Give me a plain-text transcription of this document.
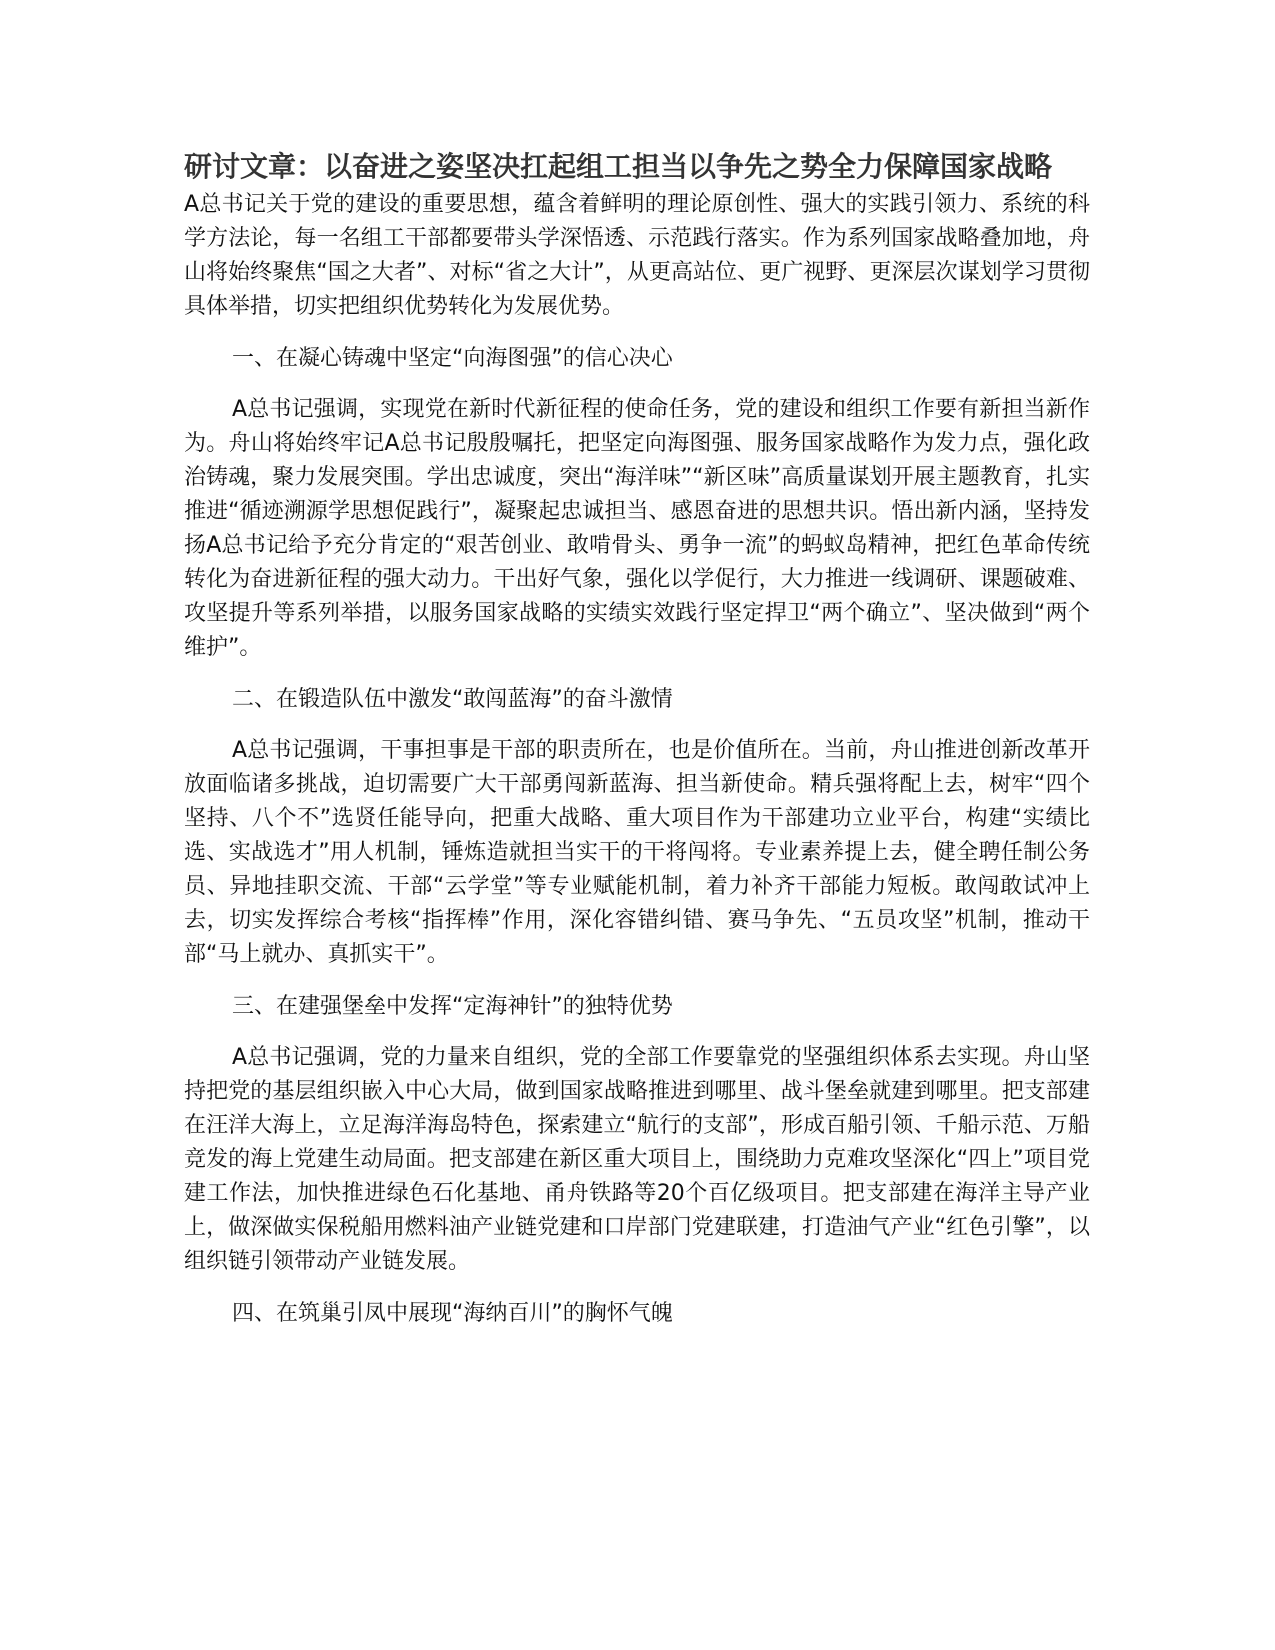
研讨文章：以奋进之姿坚决扛起组工担当以争先之势全力保障国家战略

A总书记关于党的建设的重要思想，蕴含着鲜明的理论原创性、强大的实践引领力、系统的科学方法论，每一名组工干部都要带头学深悟透、示范践行落实。作为系列国家战略叠加地，舟山将始终聚焦“国之大者”、对标“省之大计”，从更高站位、更广视野、更深层次谋划学习贯彻具体举措，切实把组织优势转化为发展优势。

一、在凝心铸魂中坚定“向海图强”的信心决心

A总书记强调，实现党在新时代新征程的使命任务，党的建设和组织工作要有新担当新作为。舟山将始终牢记A总书记殷殷嘱托，把坚定向海图强、服务国家战略作为发力点，强化政治铸魂，聚力发展突围。学出忠诚度，突出“海洋味”“新区味”高质量谋划开展主题教育，扎实推进“循迹溯源学思想促践行”，凝聚起忠诚担当、感恩奋进的思想共识。悟出新内涵，坚持发扬A总书记给予充分肯定的“艰苦创业、敢啃骨头、勇争一流”的蚂蚁岛精神，把红色革命传统转化为奋进新征程的强大动力。干出好气象，强化以学促行，大力推进一线调研、课题破难、攻坚提升等系列举措，以服务国家战略的实绩实效践行坚定捍卫“两个确立”、坚决做到“两个维护”。

二、在锻造队伍中激发“敢闯蓝海”的奋斗激情

A总书记强调，干事担事是干部的职责所在，也是价值所在。当前，舟山推进创新改革开放面临诸多挑战，迫切需要广大干部勇闯新蓝海、担当新使命。精兵强将配上去，树牢“四个坚持、八个不”选贤任能导向，把重大战略、重大项目作为干部建功立业平台，构建“实绩比选、实战选才”用人机制，锤炼造就担当实干的干将闯将。专业素养提上去，健全聘任制公务员、异地挂职交流、干部“云学堂”等专业赋能机制，着力补齐干部能力短板。敢闯敢试冲上去，切实发挥综合考核“指挥棒”作用，深化容错纠错、赛马争先、“五员攻坚”机制，推动干部“马上就办、真抓实干”。

三、在建强堡垒中发挥“定海神针”的独特优势

A总书记强调，党的力量来自组织，党的全部工作要靠党的坚强组织体系去实现。舟山坚持把党的基层组织嵌入中心大局，做到国家战略推进到哪里、战斗堡垒就建到哪里。把支部建在汪洋大海上，立足海洋海岛特色，探索建立“航行的支部”，形成百船引领、千船示范、万船竞发的海上党建生动局面。把支部建在新区重大项目上，围绕助力克难攻坚深化“四上”项目党建工作法，加快推进绿色石化基地、甬舟铁路等20个百亿级项目。把支部建在海洋主导产业上，做深做实保税船用燃料油产业链党建和口岸部门党建联建，打造油气产业“红色引擎”，以组织链引领带动产业链发展。

四、在筑巢引凤中展现“海纳百川”的胸怀气魄
